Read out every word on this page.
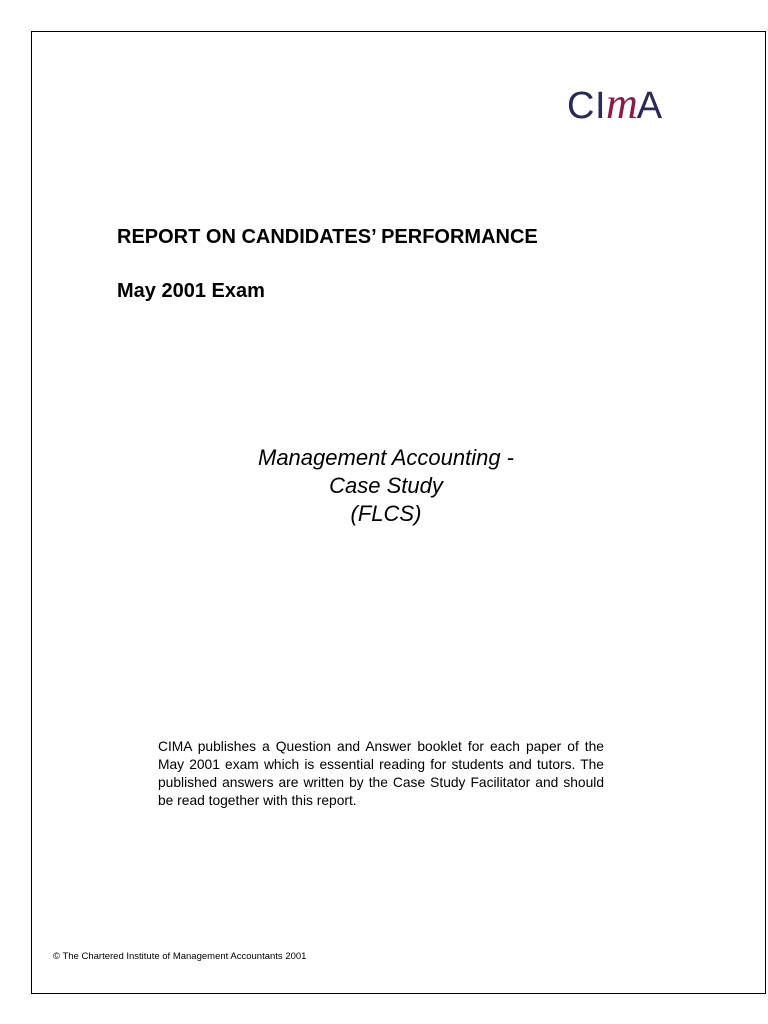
CImA
REPORT ON CANDIDATES’ PERFORMANCE
May 2001 Exam
Management Accounting -
Case Study
(FLCS)
CIMA publishes a Question and Answer booklet for each paper of the May 2001 exam which is essential reading for students and tutors. The published answers are written by the Case Study Facilitator and should be read together with this report.
© The Chartered Institute of Management Accountants 2001
